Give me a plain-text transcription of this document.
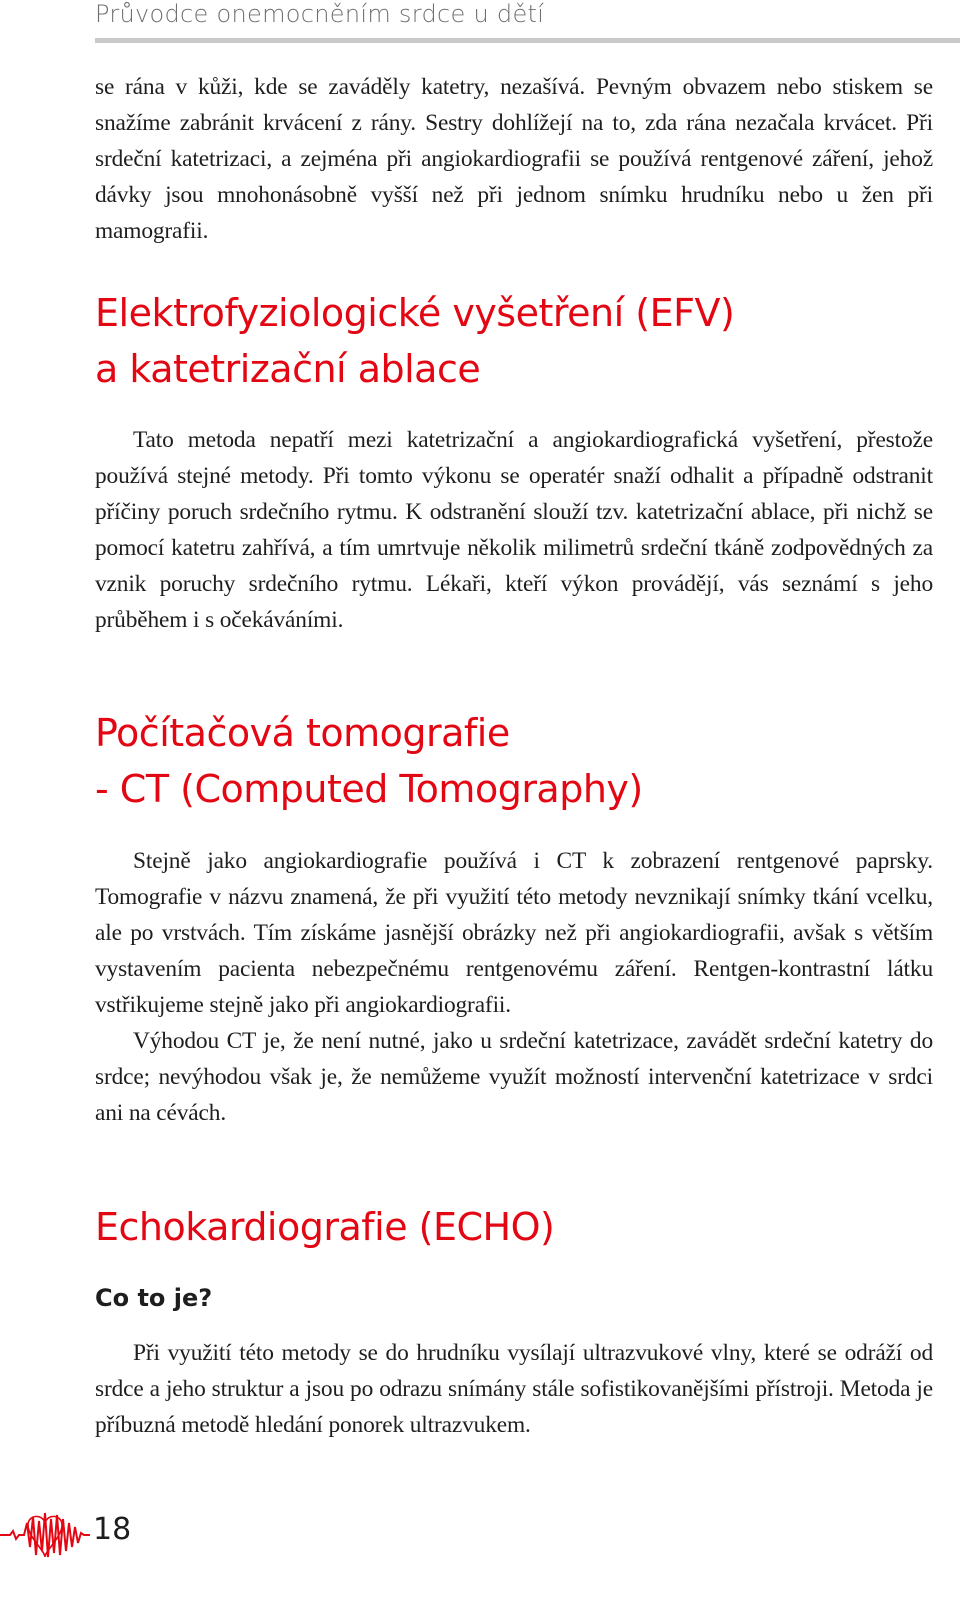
Průvodce onemocněním srdce u dětí

se rána v kůži, kde se zaváděly katetry, nezašívá. Pevným obvazem nebo stiskem se snažíme zabránit krvácení z rány. Sestry dohlížejí na to, zda rána nezačala krvácet. Při srdeční katetrizaci, a zejména při angiokardiografii se používá rentgenové záření, jehož dávky jsou mnohonásobně vyšší než při jednom snímku hrudníku nebo u žen při mamografii.

Elektrofyziologické vyšetření (EFV)
a katetrizační ablace

Tato metoda nepatří mezi katetrizační a angiokardiografická vyšetření, přestože používá stejné metody. Při tomto výkonu se operatér snaží odhalit a případně odstranit příčiny poruch srdečního rytmu. K odstranění slouží tzv. katetrizační ablace, při nichž se pomocí katetru zahřívá, a tím umrtvuje několik milimetrů srdeční tkáně zodpovědných za vznik poruchy srdečního rytmu. Lékaři, kteří výkon provádějí, vás seznámí s jeho průběhem i s očekáváními.

Počítačová tomografie
- CT (Computed Tomography)

Stejně jako angiokardiografie používá i CT k zobrazení rentgenové paprsky. Tomografie v názvu znamená, že při využití této metody nevznikají snímky tkání vcelku, ale po vrstvách. Tím získáme jasnější obrázky než při angiokardiografii, avšak s větším vystavením pacienta nebezpečnému rentgenovému záření. Rentgen-kontrastní látku vstřikujeme stejně jako při angiokardiografii.

Výhodou CT je, že není nutné, jako u srdeční katetrizace, zavádět srdeční katetry do srdce; nevýhodou však je, že nemůžeme využít možností intervenční katetrizace v srdci ani na cévách.

Echokardiografie (ECHO)
Co to je?

Při využití této metody se do hrudníku vysílají ultrazvukové vlny, které se odráží od srdce a jeho struktur a jsou po odrazu snímány stále sofistikovanějšími přístroji. Metoda je příbuzná metodě hledání ponorek ultrazvukem.

18
